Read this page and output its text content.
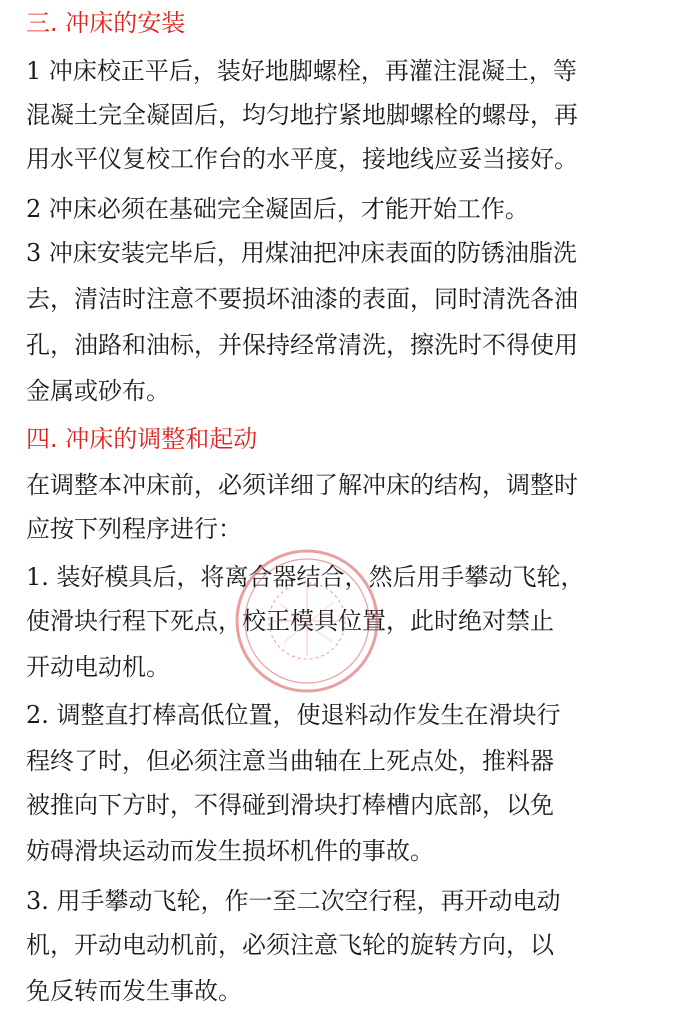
三. 冲床的安装
1 冲床校正平后，装好地脚螺栓，再灌注混凝土，等
混凝土完全凝固后，均匀地拧紧地脚螺栓的螺母，再
用水平仪复校工作台的水平度，接地线应妥当接好。
2 冲床必须在基础完全凝固后，才能开始工作。
3 冲床安装完毕后，用煤油把冲床表面的防锈油脂洗
去，清洁时注意不要损坏油漆的表面，同时清洗各油
孔，油路和油标，并保持经常清洗，擦洗时不得使用
金属或砂布。
四. 冲床的调整和起动
在调整本冲床前，必须详细了解冲床的结构，调整时
应按下列程序进行：
1. 装好模具后，将离合器结合，然后用手攀动飞轮，
使滑块行程下死点，校正模具位置，此时绝对禁止
开动电动机。
2. 调整直打棒高低位置，使退料动作发生在滑块行
程终了时，但必须注意当曲轴在上死点处，推料器
被推向下方时，不得碰到滑块打棒槽内底部，以免
妨碍滑块运动而发生损坏机件的事故。
3. 用手攀动飞轮，作一至二次空行程，再开动电动
机，开动电动机前，必须注意飞轮的旋转方向，以
免反转而发生事故。
